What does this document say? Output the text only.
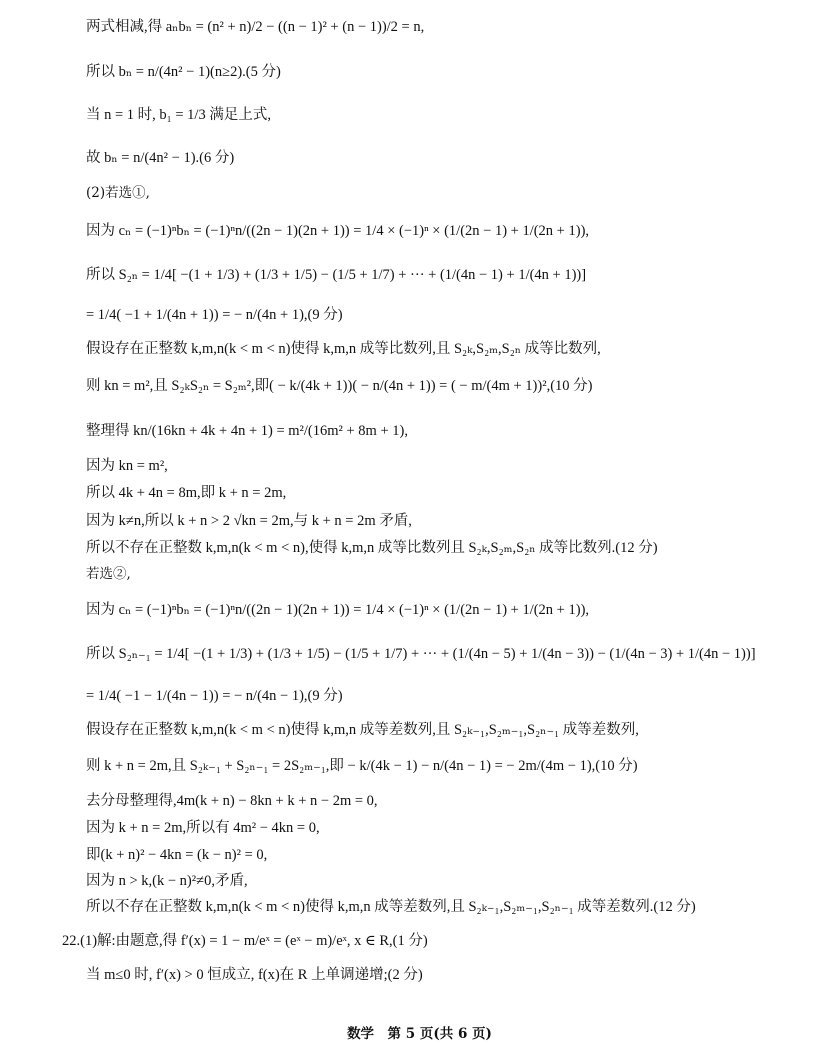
两式相减,得 aₙbₙ = (n² + n)/2 − ((n − 1)² + (n − 1))/2 = n,
所以 bₙ = n/(4n² − 1)(n≥2).(5 分)
当 n = 1 时, b₁ = 1/3 满足上式,
故 bₙ = n/(4n² − 1).(6 分)
(2)若选①,
因为 cₙ = (−1)ⁿbₙ = (−1)ⁿn/((2n − 1)(2n + 1)) = 1/4 × (−1)ⁿ × (1/(2n − 1) + 1/(2n + 1)),
所以 S₂ₙ = 1/4[ −(1 + 1/3) + (1/3 + 1/5) − (1/5 + 1/7) + ··· + (1/(4n − 1) + 1/(4n + 1))]
= 1/4( −1 + 1/(4n + 1)) = − n/(4n + 1),(9 分)
假设存在正整数 k,m,n(k < m < n)使得 k,m,n 成等比数列,且 S₂ₖ,S₂ₘ,S₂ₙ 成等比数列,
则 kn = m²,且 S₂ₖS₂ₙ = S₂ₘ²,即( − k/(4k + 1))( − n/(4n + 1)) = ( − m/(4m + 1))²,(10 分)
整理得 kn/(16kn + 4k + 4n + 1) = m²/(16m² + 8m + 1),
因为 kn = m²,
所以 4k + 4n = 8m,即 k + n = 2m,
因为 k≠n,所以 k + n > 2 √kn = 2m,与 k + n = 2m 矛盾,
所以不存在正整数 k,m,n(k < m < n),使得 k,m,n 成等比数列且 S₂ₖ,S₂ₘ,S₂ₙ 成等比数列.(12 分)
若选②,
因为 cₙ = (−1)ⁿbₙ = (−1)ⁿn/((2n − 1)(2n + 1)) = 1/4 × (−1)ⁿ × (1/(2n − 1) + 1/(2n + 1)),
所以 S₂ₙ₋₁ = 1/4[ −(1 + 1/3) + (1/3 + 1/5) − (1/5 + 1/7) + ··· + (1/(4n − 5) + 1/(4n − 3)) − (1/(4n − 3) + 1/(4n − 1))]
= 1/4( −1 − 1/(4n − 1)) = − n/(4n − 1),(9 分)
假设存在正整数 k,m,n(k < m < n)使得 k,m,n 成等差数列,且 S₂ₖ₋₁,S₂ₘ₋₁,S₂ₙ₋₁ 成等差数列,
则 k + n = 2m,且 S₂ₖ₋₁ + S₂ₙ₋₁ = 2S₂ₘ₋₁,即 − k/(4k − 1) − n/(4n − 1) = − 2m/(4m − 1),(10 分)
去分母整理得,4m(k + n) − 8kn + k + n − 2m = 0,
因为 k + n = 2m,所以有 4m² − 4kn = 0,
即(k + n)² − 4kn = (k − n)² = 0,
因为 n > k,(k − n)²≠0,矛盾,
所以不存在正整数 k,m,n(k < m < n)使得 k,m,n 成等差数列,且 S₂ₖ₋₁,S₂ₘ₋₁,S₂ₙ₋₁ 成等差数列.(12 分)
22.(1)解:由题意,得 f′(x) = 1 − m/eˣ = (eˣ − m)/eˣ, x ∈ R,(1 分)
当 m≤0 时, f′(x) > 0 恒成立, f(x)在 R 上单调递增;(2 分)
数学　第 5 页(共 6 页)
